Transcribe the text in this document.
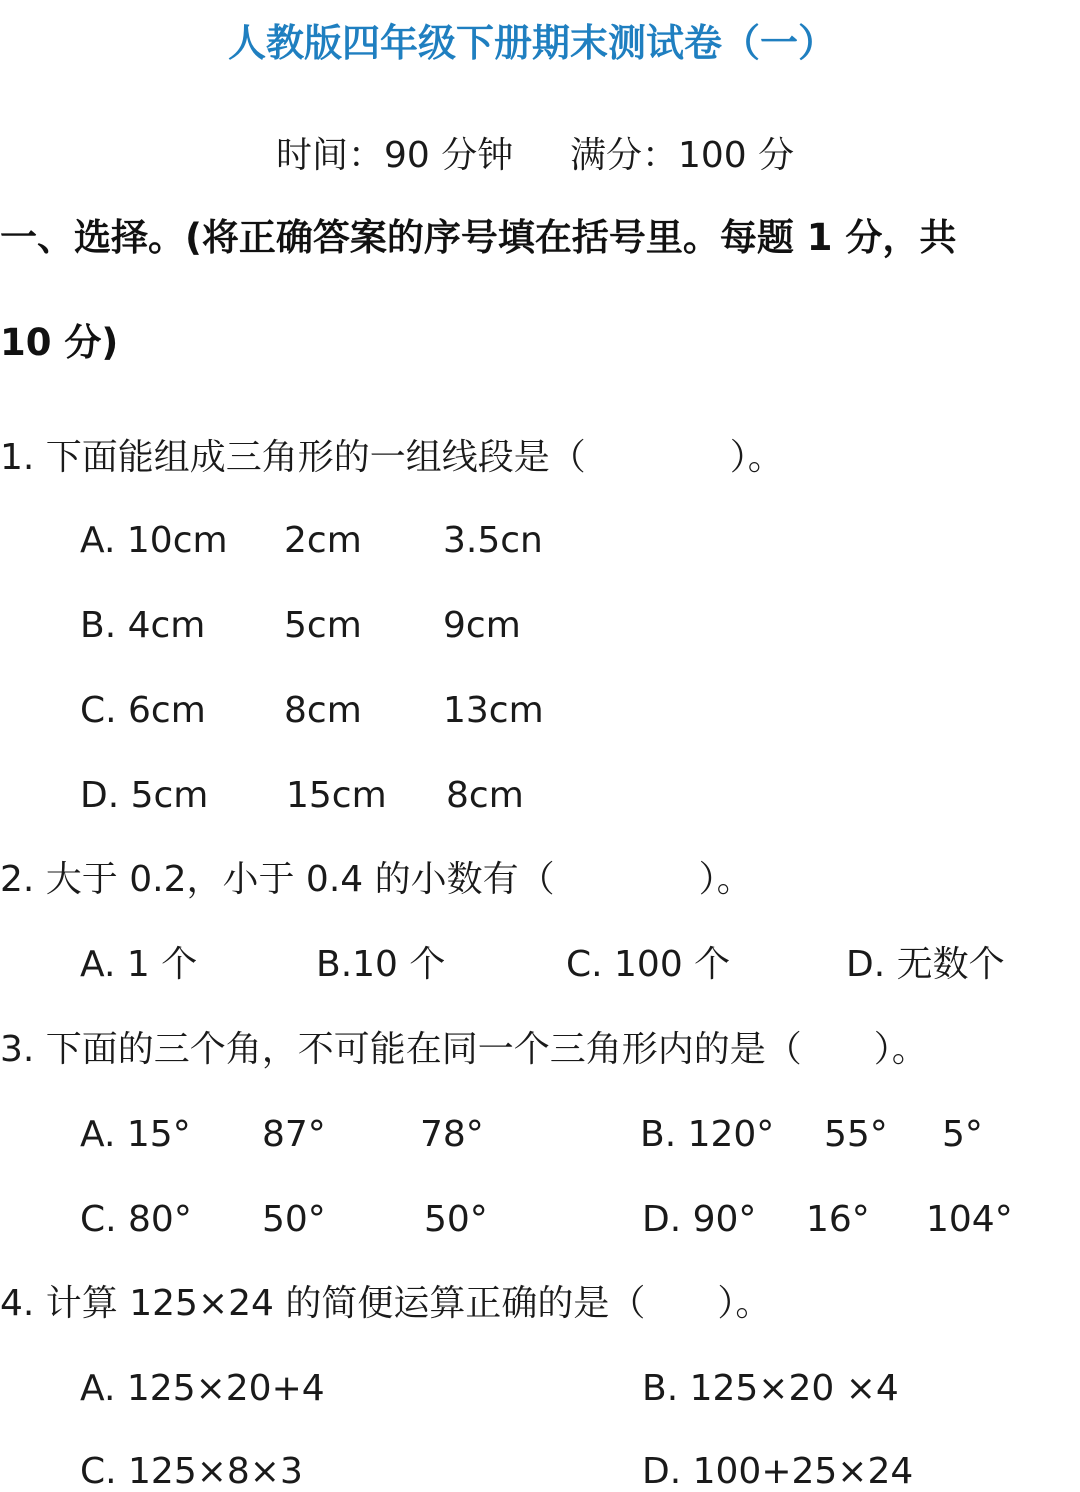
人教版四年级下册期末测试卷（一）
时间：90 分钟 满分：100 分
一、选择。(将正确答案的序号填在括号里。每题 1 分，共
10 分)
1. 下面能组成三角形的一组线段是（　　　　）。
A. 10cm 2cm 3.5cn
B. 4cm 5cm 9cm
C. 6cm 8cm 13cm
D. 5cm 15cm 8cm
2. 大于 0.2，小于 0.4 的小数有（　　　　）。
A. 1 个	B.10 个	C. 100 个	D. 无数个
3. 下面的三个角，不可能在同一个三角形内的是（　　）。
A. 15° 87°	78°	B. 120° 55° 5°
C. 80° 50°	50°	D. 90° 16° 104°
4. 计算 125×24 的简便运算正确的是（　　）。
A. 125×20+4	B. 125×20 ×4
C. 125×8×3	D. 100+25×24
